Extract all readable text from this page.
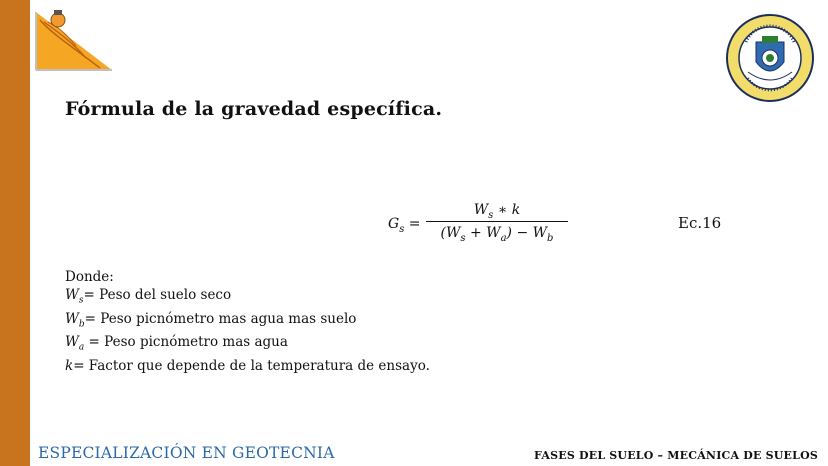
Fórmula de la gravedad específica.
$G_s$ =
$W_s$ ∗ k
$(W_s + W_a) - W_b$
Ec.16
Donde:
$W_s=$ Peso del suelo seco
$W_b=$ Peso picnómetro mas agua mas suelo
$W_a$ = Peso picnómetro mas agua
k= Factor que depende de la temperatura de ensayo.
ESPECIALIZACIÓN EN GEOTECNIA	FASES DEL SUELO – MECÁNICA DE SUELOS
